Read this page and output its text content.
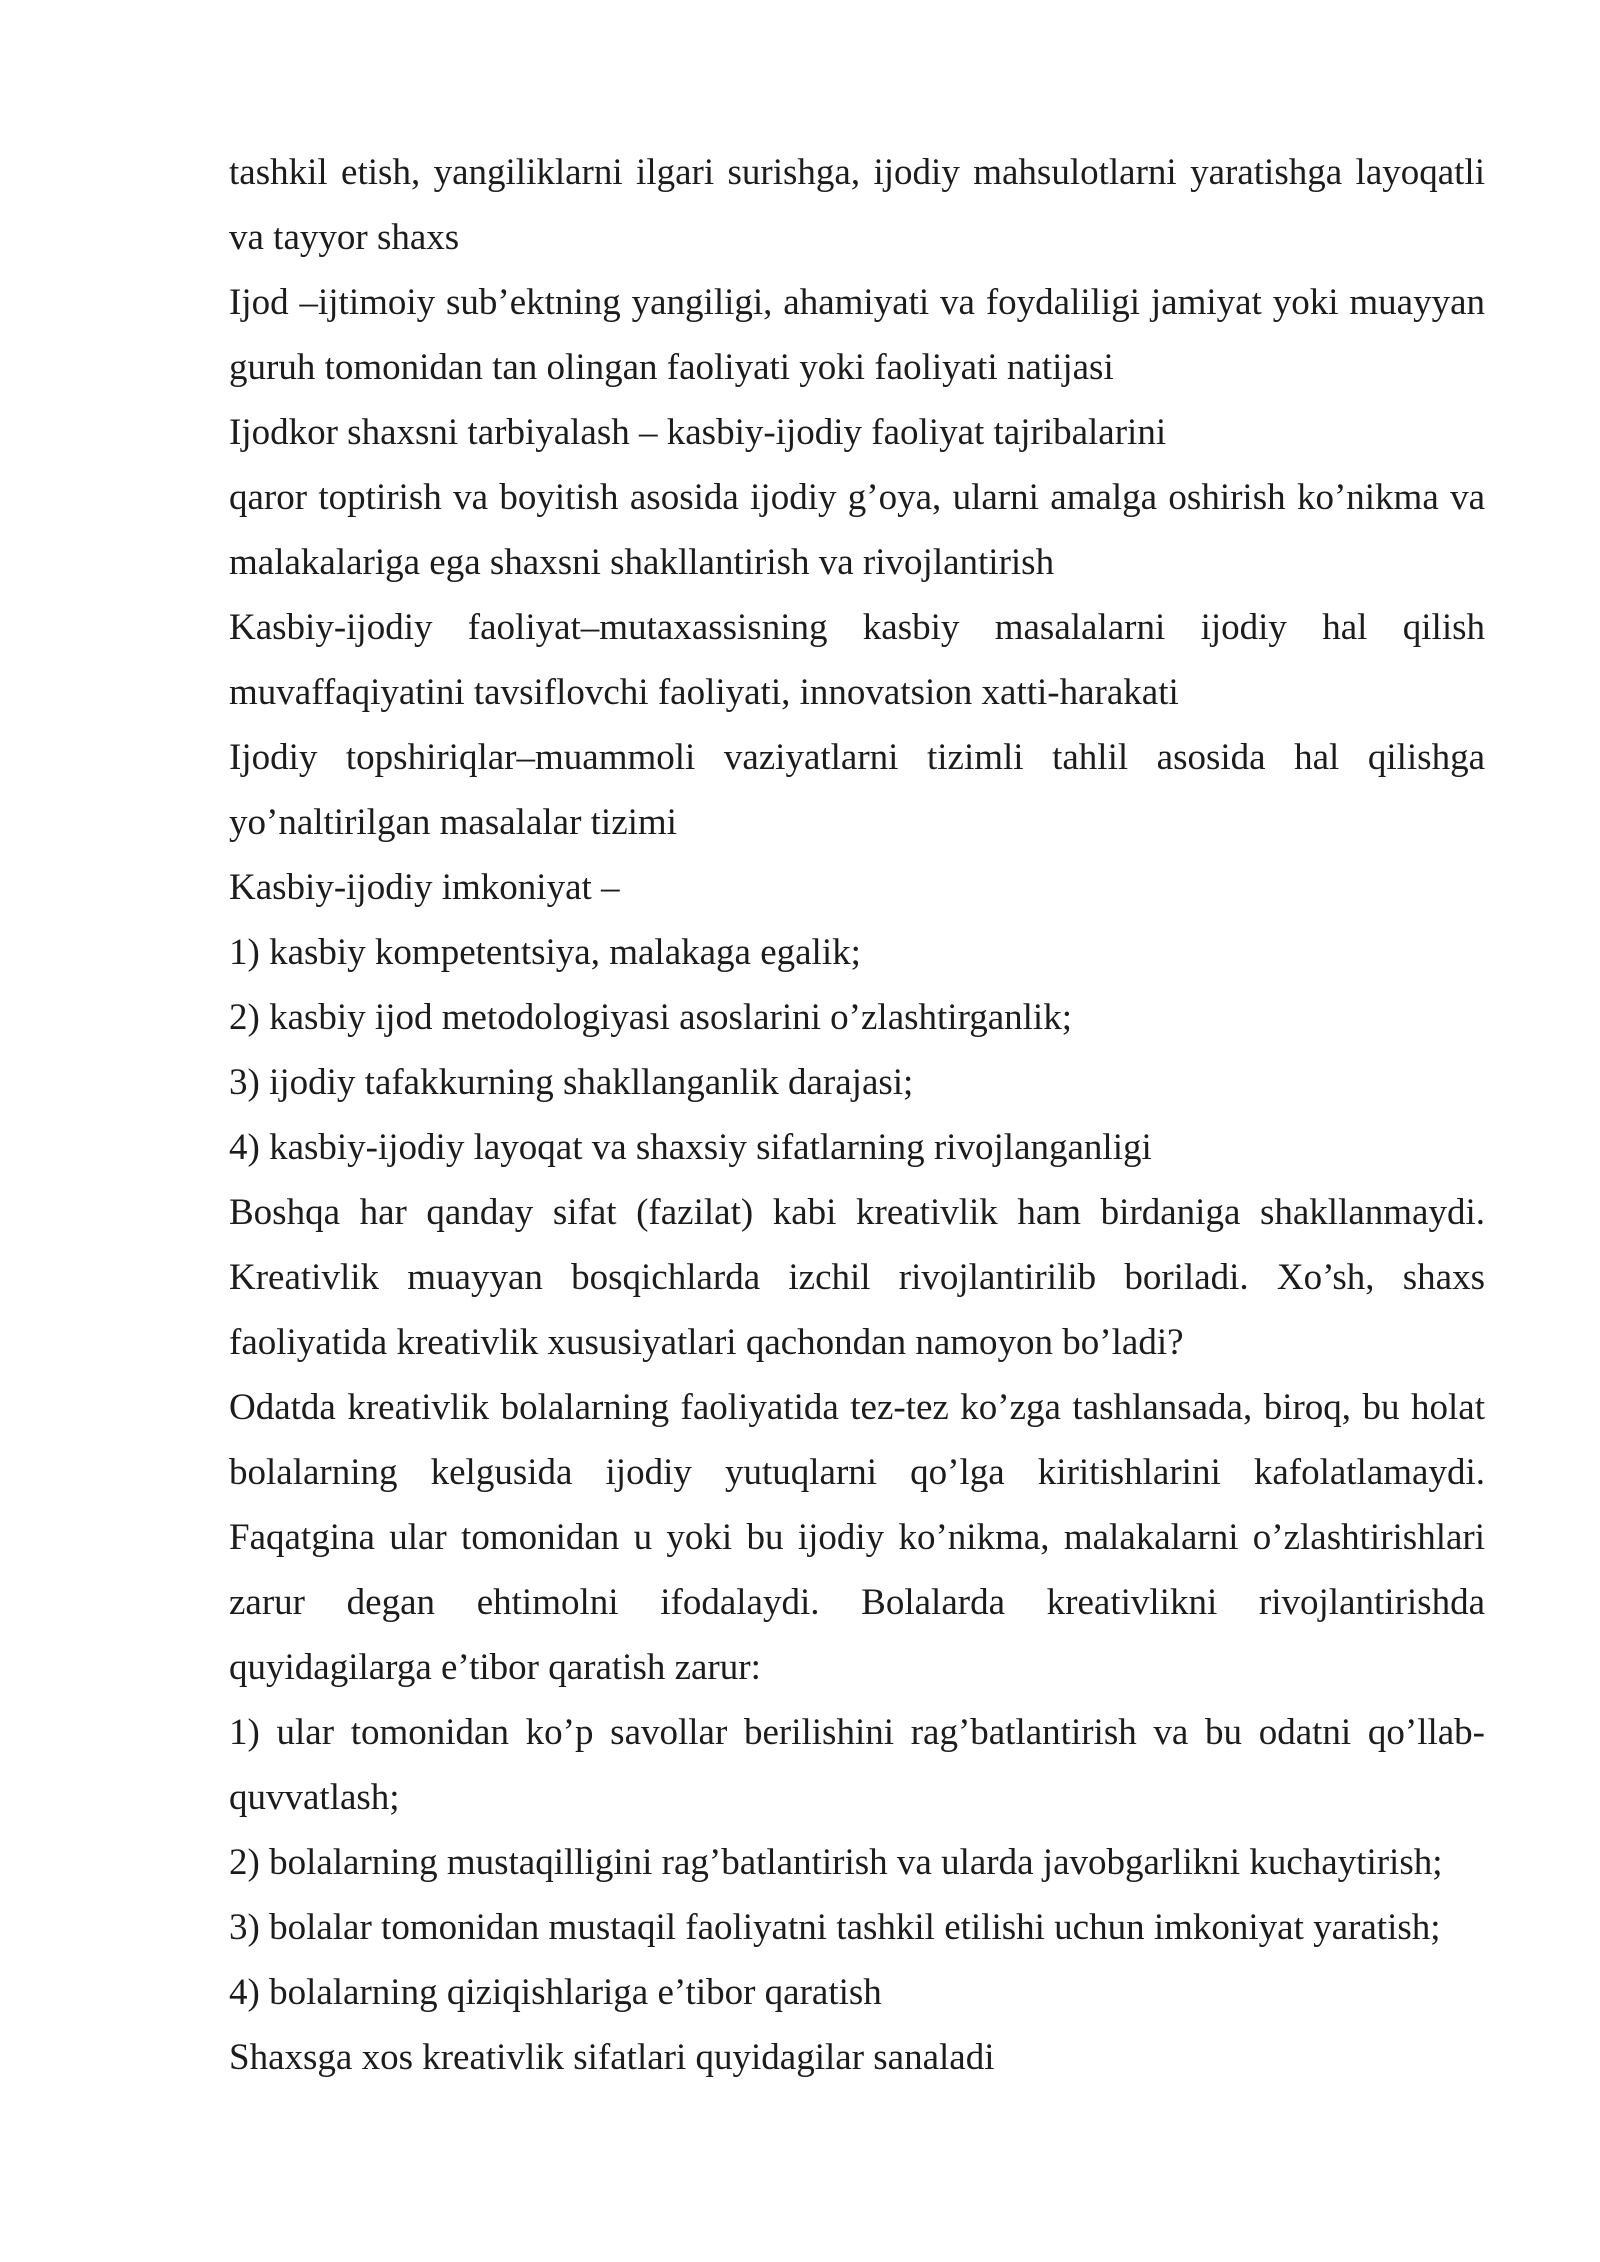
tashkil etish, yangiliklarni ilgari surishga, ijodiy mahsulotlarni yaratishga layoqatli va tayyor shaxs

Ijod –ijtimoiy sub’ektning yangiligi, ahamiyati va foydaliligi jamiyat yoki muayyan guruh tomonidan tan olingan faoliyati yoki faoliyati natijasi

Ijodkor shaxsni tarbiyalash – kasbiy-ijodiy faoliyat tajribalarini

qaror toptirish va boyitish asosida ijodiy g’oya, ularni amalga oshirish ko’nikma va malakalariga ega shaxsni shakllantirish va rivojlantirish

Kasbiy-ijodiy faoliyat–mutaxassisning kasbiy masalalarni ijodiy hal qilish muvaffaqiyatini tavsiflovchi faoliyati, innovatsion xatti-harakati

Ijodiy topshiriqlar–muammoli vaziyatlarni tizimli tahlil asosida hal qilishga yo’naltirilgan masalalar tizimi

Kasbiy-ijodiy imkoniyat –

1) kasbiy kompetentsiya, malakaga egalik;

2) kasbiy ijod metodologiyasi asoslarini o’zlashtirganlik;

3) ijodiy tafakkurning shakllanganlik darajasi;

4) kasbiy-ijodiy layoqat va shaxsiy sifatlarning rivojlanganligi

Boshqa har qanday sifat (fazilat) kabi kreativlik ham birdaniga shakllanmaydi. Kreativlik muayyan bosqichlarda izchil rivojlantirilib boriladi. Xo’sh, shaxs faoliyatida kreativlik xususiyatlari qachondan namoyon bo’ladi?

Odatda kreativlik bolalarning faoliyatida tez-tez ko’zga tashlansada, biroq, bu holat bolalarning kelgusida ijodiy yutuqlarni qo’lga kiritishlarini kafolatlamaydi. Faqatgina ular tomonidan u yoki bu ijodiy ko’nikma, malakalarni o’zlashtirishlari zarur degan ehtimolni ifodalaydi. Bolalarda kreativlikni rivojlantirishda quyidagilarga e’tibor qaratish zarur:

1) ular tomonidan ko’p savollar berilishini rag’batlantirish va bu odatni qo’llab-quvvatlash;

2) bolalarning mustaqilligini rag’batlantirish va ularda javobgarlikni kuchaytirish;

3) bolalar tomonidan mustaqil faoliyatni tashkil etilishi uchun imkoniyat yaratish;

4) bolalarning qiziqishlariga e’tibor qaratish

Shaxsga xos kreativlik sifatlari quyidagilar sanaladi
